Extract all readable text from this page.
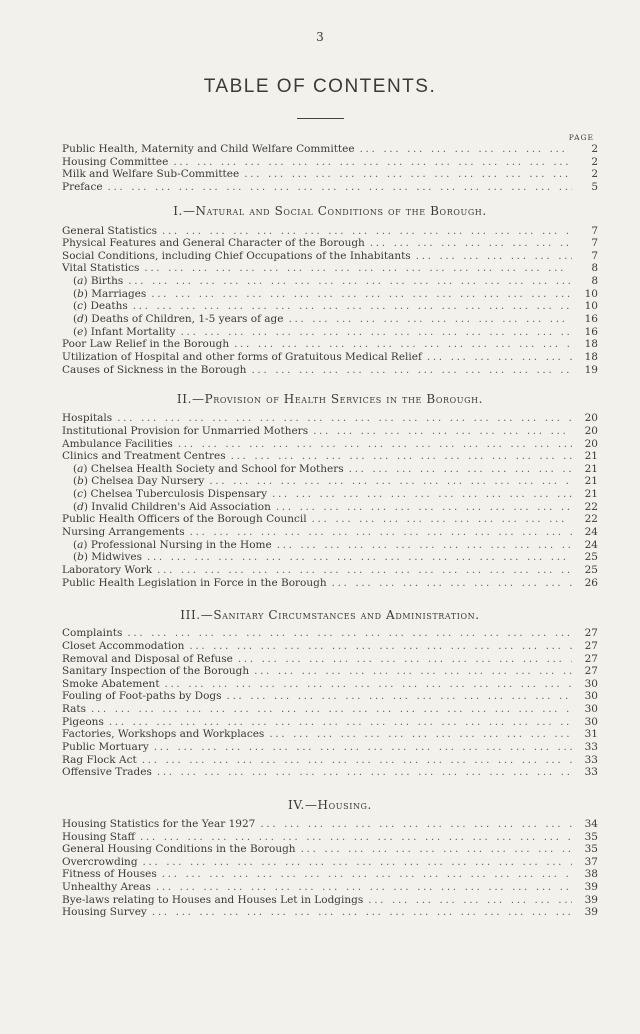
3
TABLE OF CONTENTS.
PAGE
Public Health, Maternity and Child Welfare Committee ... .	2
Housing Committee ... .	2
Milk and Welfare Sub-Committee ... .	2
Preface ... .	5
I.—Natural and Social Conditions of the Borough.
General Statistics ... .	7
Physical Features and General Character of the Borough ... .	7
Social Conditions, including Chief Occupations of the Inhabitants ... .	7
Vital Statistics ... .	8
(a) Births ... .	8
(b) Marriages ... .	10
(c) Deaths ... .	10
(d) Deaths of Children, 1-5 years of age ... .	16
(e) Infant Mortality ... .	16
Poor Law Relief in the Borough ... .	18
Utilization of Hospital and other forms of Gratuitous Medical Relief ... .	18
Causes of Sickness in the Borough ... .	19
II.—Provision of Health Services in the Borough.
Hospitals ... .	20
Institutional Provision for Unmarried Mothers ... .	20
Ambulance Facilities ... .	20
Clinics and Treatment Centres ... .	21
(a) Chelsea Health Society and School for Mothers ... .	21
(b) Chelsea Day Nursery ... .	21
(c) Chelsea Tuberculosis Dispensary ... .	21
(d) Invalid Children's Aid Association ... .	22
Public Health Officers of the Borough Council ... .	22
Nursing Arrangements ... .	24
(a) Professional Nursing in the Home ... .	24
(b) Midwives ... .	25
Laboratory Work ... .	25
Public Health Legislation in Force in the Borough ... .	26
III.—Sanitary Circumstances and Administration.
Complaints ... .	27
Closet Accommodation ... .	27
Removal and Disposal of Refuse ... .	27
Sanitary Inspection of the Borough ... .	27
Smoke Abatement ... .	30
Fouling of Foot-paths by Dogs ... .	30
Rats ... .	30
Pigeons ... .	30
Factories, Workshops and Workplaces ... .	31
Public Mortuary ... .	33
Rag Flock Act ... .	33
Offensive Trades ... .	33
IV.—Housing.
Housing Statistics for the Year 1927 ... .	34
Housing Staff ... .	35
General Housing Conditions in the Borough ... .	35
Overcrowding ... .	37
Fitness of Houses ... .	38
Unhealthy Areas ... .	39
Bye-laws relating to Houses and Houses Let in Lodgings ... .	39
Housing Survey ... .	39
